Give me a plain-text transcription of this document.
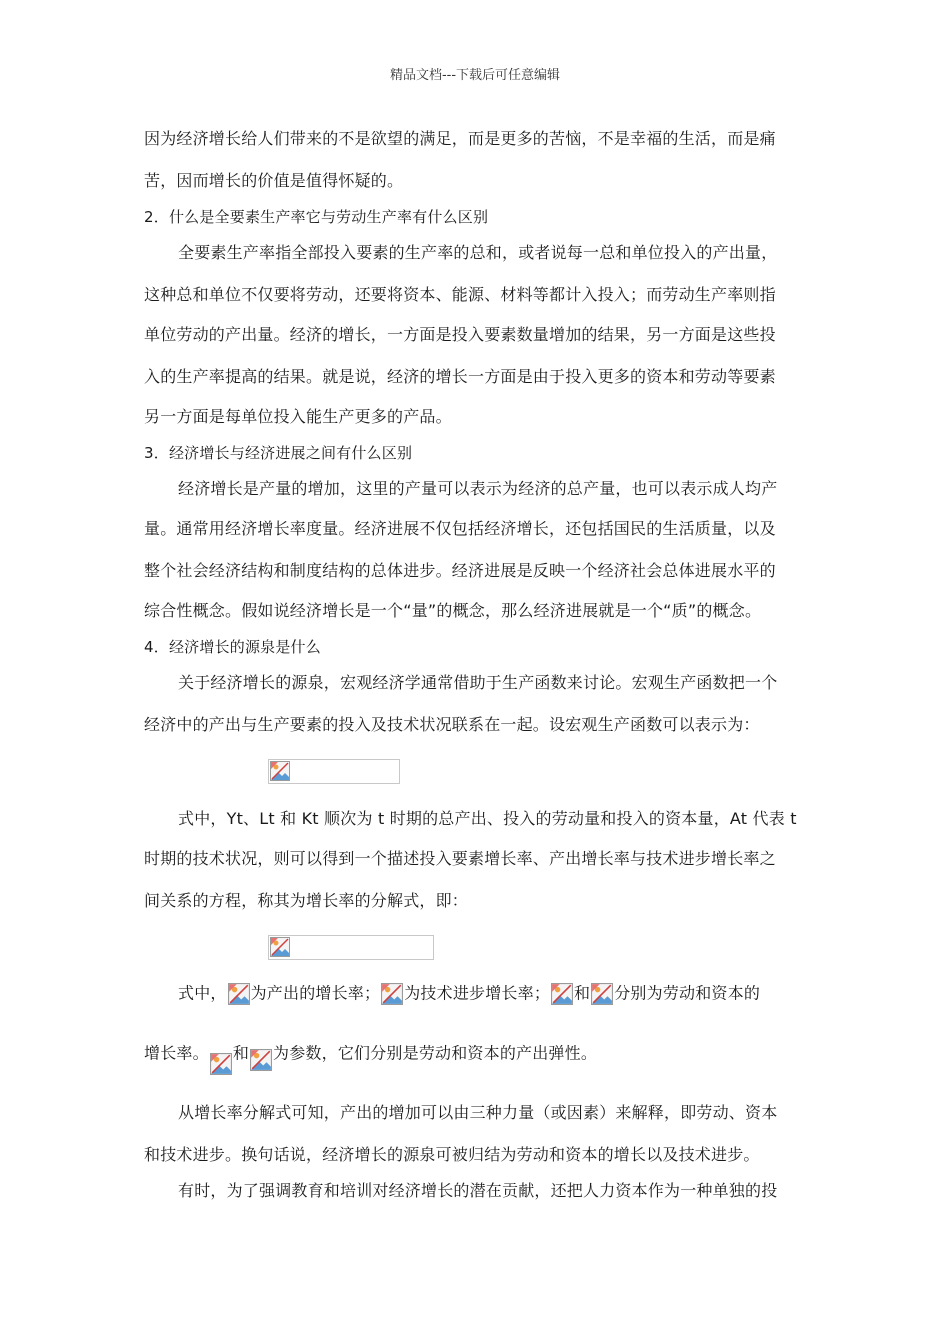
精品文档---下载后可任意编辑
因为经济增长给人们带来的不是欲望的满足，而是更多的苦恼，不是幸福的生活，而是痛
苦，因而增长的价值是值得怀疑的。
2．什么是全要素生产率它与劳动生产率有什么区别
全要素生产率指全部投入要素的生产率的总和，或者说每一总和单位投入的产出量，
这种总和单位不仅要将劳动，还要将资本、能源、材料等都计入投入；而劳动生产率则指
单位劳动的产出量。经济的增长，一方面是投入要素数量增加的结果，另一方面是这些投
入的生产率提高的结果。就是说，经济的增长一方面是由于投入更多的资本和劳动等要素
另一方面是每单位投入能生产更多的产品。
3．经济增长与经济进展之间有什么区别
经济增长是产量的增加，这里的产量可以表示为经济的总产量，也可以表示成人均产
量。通常用经济增长率度量。经济进展不仅包括经济增长，还包括国民的生活质量，以及
整个社会经济结构和制度结构的总体进步。经济进展是反映一个经济社会总体进展水平的
综合性概念。假如说经济增长是一个“量”的概念，那么经济进展就是一个“质”的概念。
4．经济增长的源泉是什么
关于经济增长的源泉，宏观经济学通常借助于生产函数来讨论。宏观生产函数把一个
经济中的产出与生产要素的投入及技术状况联系在一起。设宏观生产函数可以表示为：
式中，Yt、Lt 和 Kt 顺次为 t 时期的总产出、投入的劳动量和投入的资本量，At 代表 t
时期的技术状况，则可以得到一个描述投入要素增长率、产出增长率与技术进步增长率之
间关系的方程，称其为增长率的分解式，即：
式中， 为产出的增长率； 为技术进步增长率； 和 分别为劳动和资本的
增长率。 和 为参数，它们分别是劳动和资本的产出弹性。
从增长率分解式可知，产出的增加可以由三种力量（或因素）来解释，即劳动、资本
和技术进步。换句话说，经济增长的源泉可被归结为劳动和资本的增长以及技术进步。
有时，为了强调教育和培训对经济增长的潜在贡献，还把人力资本作为一种单独的投
